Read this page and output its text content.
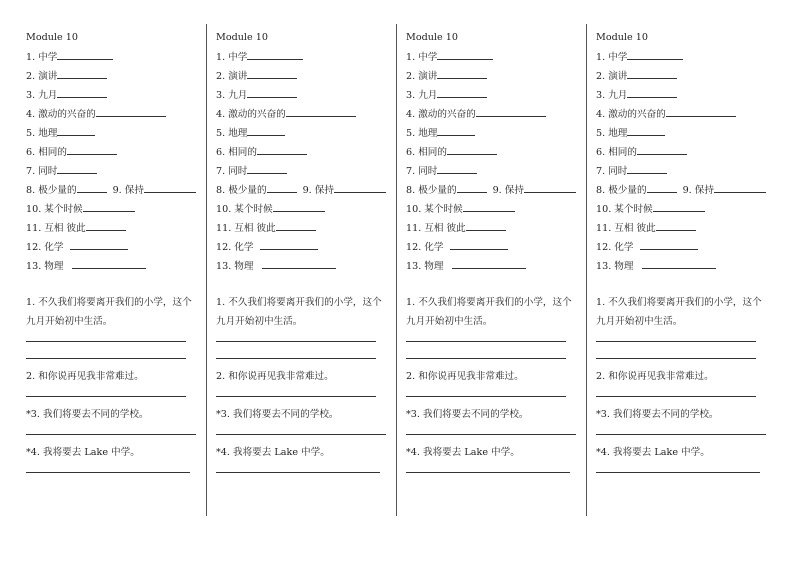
Module 10
1. 中学
2. 演讲
3. 九月
4. 激动的兴奋的
5. 地理
6. 相同的
7. 同时
8. 极少量的	9. 保持
10. 某个时候
11. 互相 彼此
12. 化学
13. 物理
1. 不久我们将要离开我们的小学，这个
九月开始初中生活。
2. 和你说再见我非常难过。
*3. 我们将要去不同的学校。
*4. 我将要去 Lake 中学。
Module 10
1. 中学
2. 演讲
3. 九月
4. 激动的兴奋的
5. 地理
6. 相同的
7. 同时
8. 极少量的	9. 保持
10. 某个时候
11. 互相 彼此
12. 化学
13. 物理
1. 不久我们将要离开我们的小学，这个
九月开始初中生活。
2. 和你说再见我非常难过。
*3. 我们将要去不同的学校。
*4. 我将要去 Lake 中学。
Module 10
1. 中学
2. 演讲
3. 九月
4. 激动的兴奋的
5. 地理
6. 相同的
7. 同时
8. 极少量的	9. 保持
10. 某个时候
11. 互相 彼此
12. 化学
13. 物理
1. 不久我们将要离开我们的小学，这个
九月开始初中生活。
2. 和你说再见我非常难过。
*3. 我们将要去不同的学校。
*4. 我将要去 Lake 中学。
Module 10
1. 中学
2. 演讲
3. 九月
4. 激动的兴奋的
5. 地理
6. 相同的
7. 同时
8. 极少量的	9. 保持
10. 某个时候
11. 互相 彼此
12. 化学
13. 物理
1. 不久我们将要离开我们的小学，这个
九月开始初中生活。
2. 和你说再见我非常难过。
*3. 我们将要去不同的学校。
*4. 我将要去 Lake 中学。
